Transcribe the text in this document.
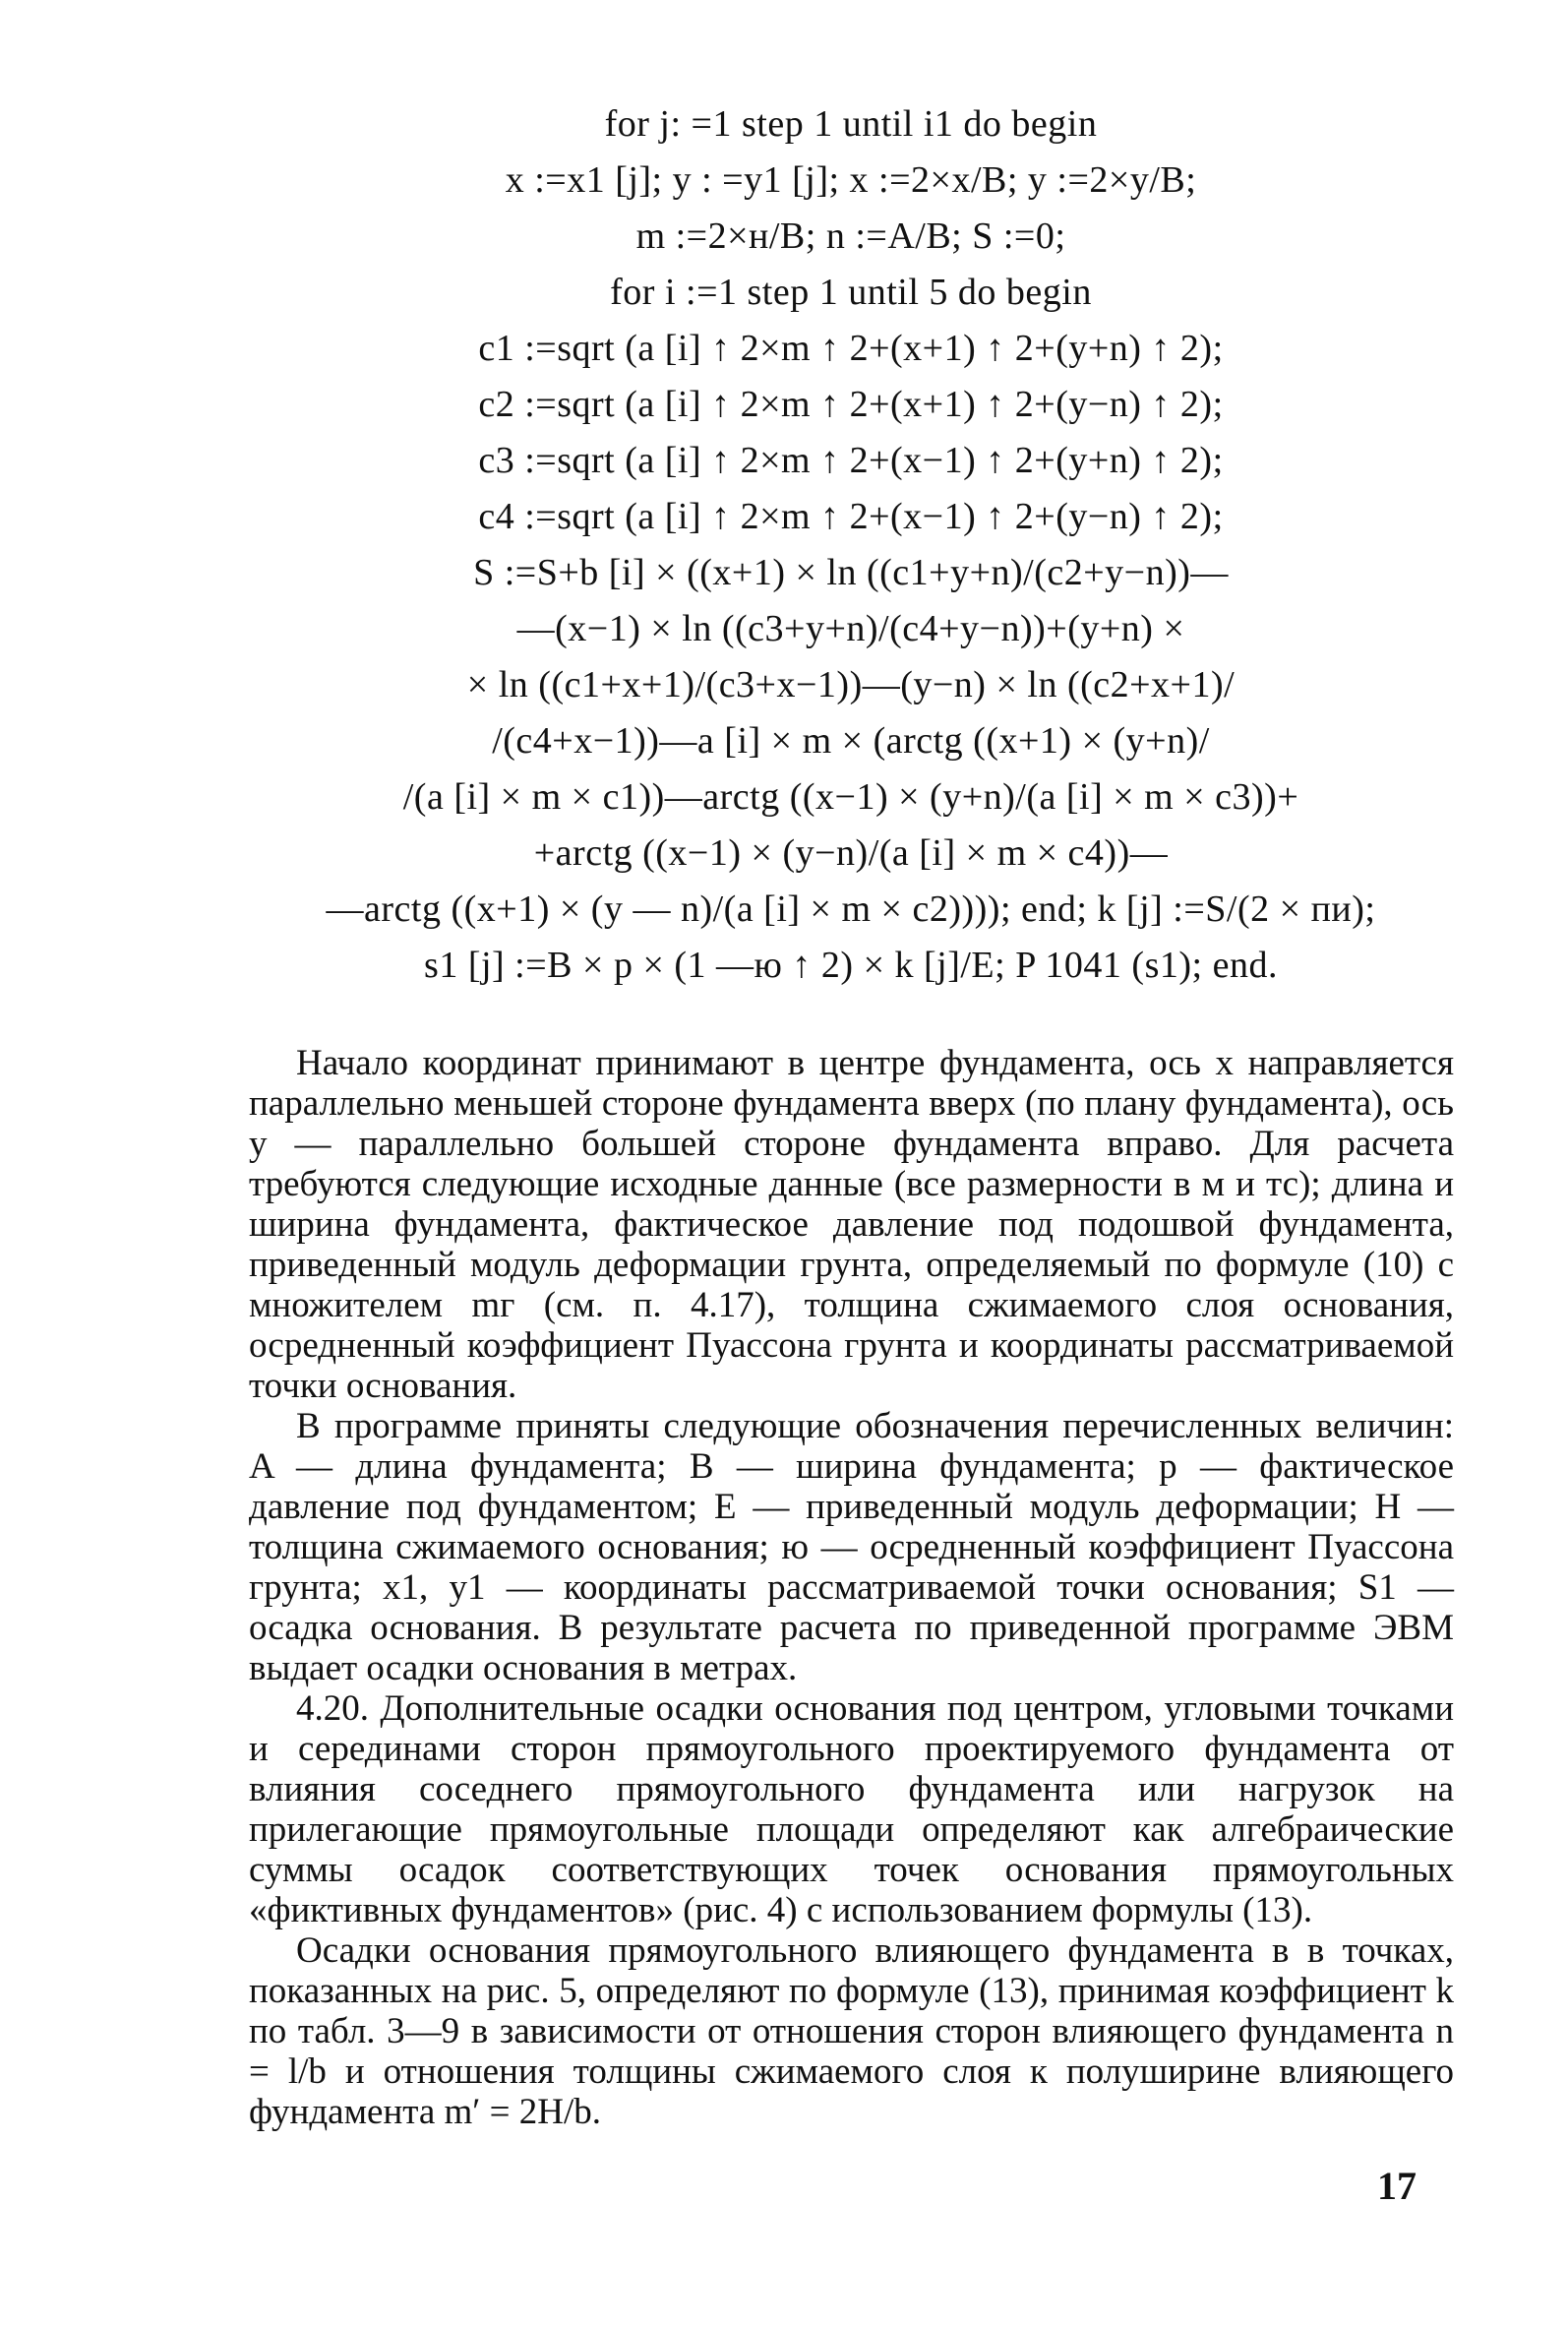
for j: =1 step 1 until i1 do begin
x :=x1 [j]; y : =y1 [j]; x :=2×x/B; y :=2×y/B;
m :=2×н/B; n :=A/B; S :=0;
for i :=1 step 1 until 5 do begin
c1 :=sqrt (a [i] ↑ 2×m ↑ 2+(x+1) ↑ 2+(y+n) ↑ 2);
c2 :=sqrt (a [i] ↑ 2×m ↑ 2+(x+1) ↑ 2+(y−n) ↑ 2);
c3 :=sqrt (a [i] ↑ 2×m ↑ 2+(x−1) ↑ 2+(y+n) ↑ 2);
c4 :=sqrt (a [i] ↑ 2×m ↑ 2+(x−1) ↑ 2+(y−n) ↑ 2);
S :=S+b [i] × ((x+1) × ln ((c1+y+n)/(c2+y−n))—
—(x−1) × ln ((c3+y+n)/(c4+y−n))+(y+n) ×
× ln ((c1+x+1)/(c3+x−1))—(y−n) × ln ((c2+x+1)/
/(c4+x−1))—a [i] × m × (arctg ((x+1) × (y+n)/
/(a [i] × m × c1))—arctg ((x−1) × (y+n)/(a [i] × m × c3))+
+arctg ((x−1) × (y−n)/(a [i] × m × c4))—
—arctg ((x+1) × (y — n)/(a [i] × m × c2)))); end; k [j] :=S/(2 × пи);
s1 [j] :=B × p × (1 —ю ↑ 2) × k [j]/E; P 1041 (s1); end.

Начало координат принимают в центре фундамента, ось x направляется параллельно меньшей стороне фундамента вверх (по плану фундамента), ось y — параллельно большей стороне фундамента вправо. Для расчета требуются следующие исходные данные (все размерности в м и тс); длина и ширина фундамента, фактическое давление под подошвой фундамента, приведенный модуль деформации грунта, определяемый по формуле (10) с множителем mг (см. п. 4.17), толщина сжимаемого слоя основания, осредненный коэффициент Пуассона грунта и координаты рассматриваемой точки основания.

В программе приняты следующие обозначения перечисленных величин: A — длина фундамента; B — ширина фундамента; p — фактическое давление под фундаментом; E — приведенный модуль деформации; Н — толщина сжимаемого основания; ю — осредненный коэффициент Пуассона грунта; x1, y1 — координаты рассматриваемой точки основания; S1 — осадка основания. В результате расчета по приведенной программе ЭВМ выдает осадки основания в метрах.

4.20. Дополнительные осадки основания под центром, угловыми точками и серединами сторон прямоугольного проектируемого фундамента от влияния соседнего прямоугольного фундамента или нагрузок на прилегающие прямоугольные площади определяют как алгебраические суммы осадок соответствующих точек основания прямоугольных «фиктивных фундаментов» (рис. 4) с использованием формулы (13).

Осадки основания прямоугольного влияющего фундамента в в точках, показанных на рис. 5, определяют по формуле (13), принимая коэффициент k по табл. 3—9 в зависимости от отношения сторон влияющего фундамента n = l/b и отношения толщины сжимаемого слоя к полуширине влияющего фундамента m′ = 2H/b.

17
